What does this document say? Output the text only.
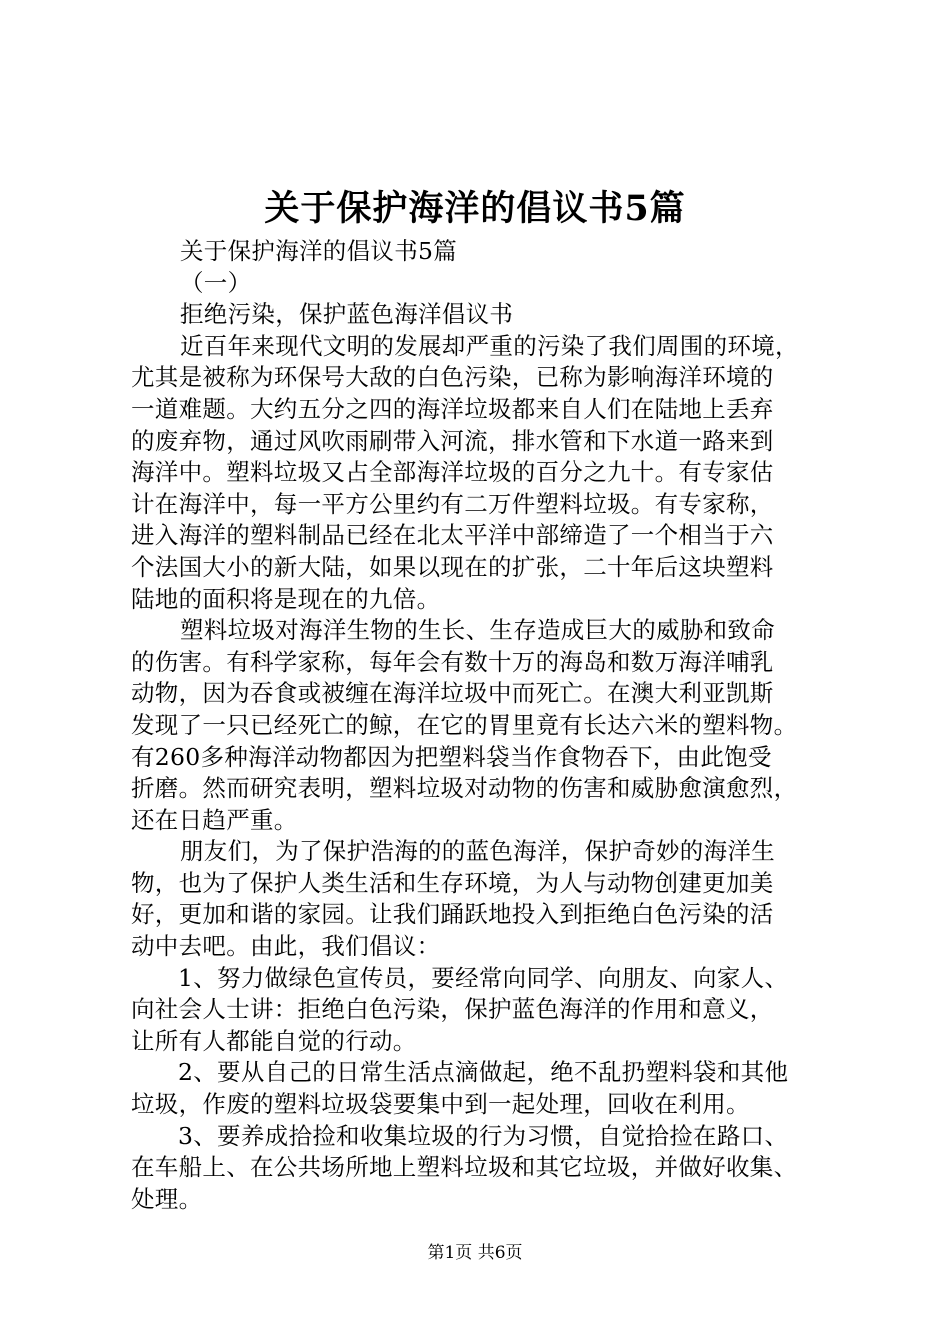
关于保护海洋的倡议书5篇
关于保护海洋的倡议书5篇
（一）
拒绝污染，保护蓝色海洋倡议书
近百年来现代文明的发展却严重的污染了我们周围的环境，
尤其是被称为环保号大敌的白色污染，已称为影响海洋环境的
一道难题。大约五分之四的海洋垃圾都来自人们在陆地上丢弃
的废弃物，通过风吹雨刷带入河流，排水管和下水道一路来到
海洋中。塑料垃圾又占全部海洋垃圾的百分之九十。有专家估
计在海洋中，每一平方公里约有二万件塑料垃圾。有专家称，
进入海洋的塑料制品已经在北太平洋中部缔造了一个相当于六
个法国大小的新大陆，如果以现在的扩张，二十年后这块塑料
陆地的面积将是现在的九倍。
塑料垃圾对海洋生物的生长、生存造成巨大的威胁和致命
的伤害。有科学家称，每年会有数十万的海岛和数万海洋哺乳
动物，因为吞食或被缠在海洋垃圾中而死亡。在澳大利亚凯斯
发现了一只已经死亡的鲸，在它的胃里竟有长达六米的塑料物。
有260多种海洋动物都因为把塑料袋当作食物吞下，由此饱受
折磨。然而研究表明，塑料垃圾对动物的伤害和威胁愈演愈烈，
还在日趋严重。
朋友们，为了保护浩海的的蓝色海洋，保护奇妙的海洋生
物，也为了保护人类生活和生存环境，为人与动物创建更加美
好，更加和谐的家园。让我们踊跃地投入到拒绝白色污染的活
动中去吧。由此，我们倡议：
1、努力做绿色宣传员，要经常向同学、向朋友、向家人、
向社会人士讲：拒绝白色污染，保护蓝色海洋的作用和意义，
让所有人都能自觉的行动。
2、要从自己的日常生活点滴做起，绝不乱扔塑料袋和其他
垃圾，作废的塑料垃圾袋要集中到一起处理，回收在利用。
3、要养成拾捡和收集垃圾的行为习惯，自觉拾捡在路口、
在车船上、在公共场所地上塑料垃圾和其它垃圾，并做好收集、
处理。
第1页 共6页
